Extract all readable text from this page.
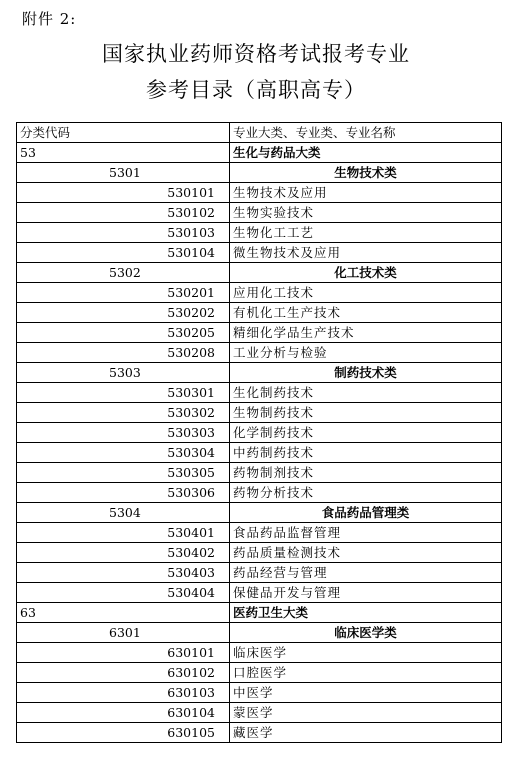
附件 2:
国家执业药师资格考试报考专业
参考目录（高职高专）
分类代码	专业大类、专业类、专业名称
53	生化与药品大类
5301	生物技术类
530101	生物技术及应用
530102	生物实验技术
530103	生物化工工艺
530104	微生物技术及应用
5302	化工技术类
530201	应用化工技术
530202	有机化工生产技术
530205	精细化学品生产技术
530208	工业分析与检验
5303	制药技术类
530301	生化制药技术
530302	生物制药技术
530303	化学制药技术
530304	中药制药技术
530305	药物制剂技术
530306	药物分析技术
5304	食品药品管理类
530401	食品药品监督管理
530402	药品质量检测技术
530403	药品经营与管理
530404	保健品开发与管理
63	医药卫生大类
6301	临床医学类
630101	临床医学
630102	口腔医学
630103	中医学
630104	蒙医学
630105	藏医学
